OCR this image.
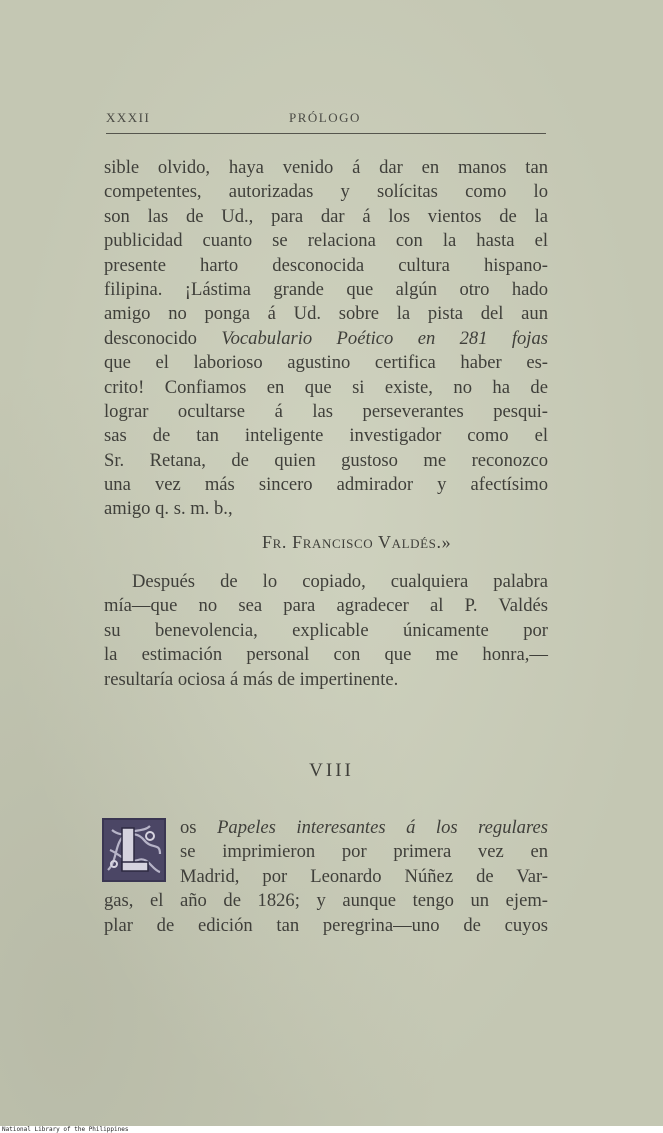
XXXII	PRÓLOGO
sible olvido, haya venido á dar en manos tan
competentes, autorizadas y solícitas como lo
son las de Ud., para dar á los vientos de la
publicidad cuanto se relaciona con la hasta el
presente harto desconocida cultura hispano-
filipina. ¡Lástima grande que algún otro hado
amigo no ponga á Ud. sobre la pista del aun
desconocido Vocabulario Poético en 281 fojas
que el laborioso agustino certifica haber es-
crito! Confiamos en que si existe, no ha de
lograr ocultarse á las perseverantes pesqui-
sas de tan inteligente investigador como el
Sr. Retana, de quien gustoso me reconozco
una vez más sincero admirador y afectísimo
amigo q. s. m. b.,
Fr. Francisco Valdés.»
Después de lo copiado, cualquiera palabra
mía—que no sea para agradecer al P. Valdés
su benevolencia, explicable únicamente por
la estimación personal con que me honra,—
resultaría ociosa á más de impertinente.
VIII
os Papeles interesantes á los regulares
se imprimieron por primera vez en
Madrid, por Leonardo Núñez de Var-
gas, el año de 1826; y aunque tengo un ejem-
plar de edición tan peregrina—uno de cuyos
National Library of the Philippines
